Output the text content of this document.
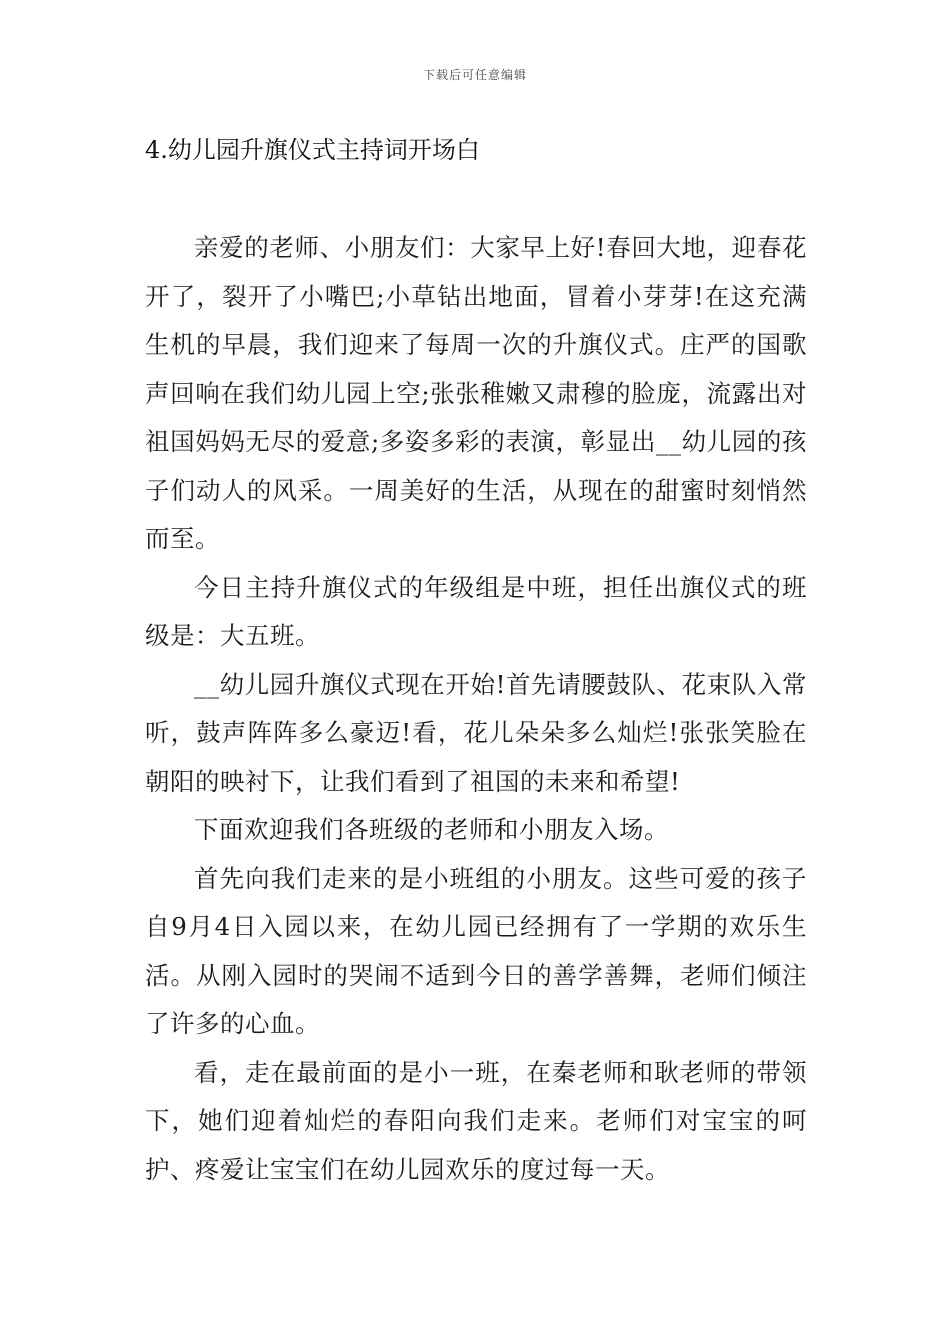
下载后可任意编辑
4.幼儿园升旗仪式主持词开场白

亲爱的老师、小朋友们：大家早上好!春回大地，迎春花开了，裂开了小嘴巴;小草钻出地面，冒着小芽芽!在这充满生机的早晨，我们迎来了每周一次的升旗仪式。庄严的国歌声回响在我们幼儿园上空;张张稚嫩又肃穆的脸庞，流露出对祖国妈妈无尽的爱意;多姿多彩的表演，彰显出__幼儿园的孩子们动人的风采。一周美好的生活，从现在的甜蜜时刻悄然而至。

今日主持升旗仪式的年级组是中班，担任出旗仪式的班级是：大五班。

__幼儿园升旗仪式现在开始!首先请腰鼓队、花束队入常听，鼓声阵阵多么豪迈!看，花儿朵朵多么灿烂!张张笑脸在朝阳的映衬下，让我们看到了祖国的未来和希望!

下面欢迎我们各班级的老师和小朋友入场。

首先向我们走来的是小班组的小朋友。这些可爱的孩子自9月4日入园以来，在幼儿园已经拥有了一学期的欢乐生活。从刚入园时的哭闹不适到今日的善学善舞，老师们倾注了许多的心血。

看，走在最前面的是小一班，在秦老师和耿老师的带领下，她们迎着灿烂的春阳向我们走来。老师们对宝宝的呵护、疼爱让宝宝们在幼儿园欢乐的度过每一天。
